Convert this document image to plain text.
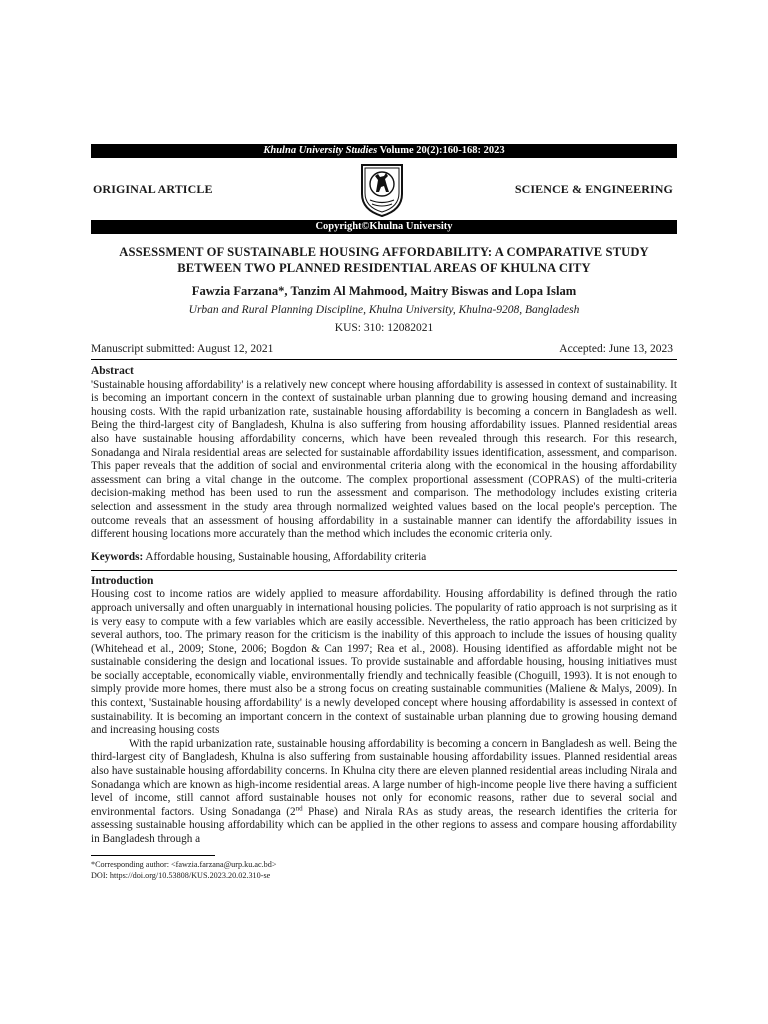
Khulna University Studies Volume 20(2):160-168: 2023
ORIGINAL ARTICLE	SCIENCE & ENGINEERING
Copyright©Khulna University
ASSESSMENT OF SUSTAINABLE HOUSING AFFORDABILITY: A COMPARATIVE STUDY BETWEEN TWO PLANNED RESIDENTIAL AREAS OF KHULNA CITY
Fawzia Farzana*, Tanzim Al Mahmood, Maitry Biswas and Lopa Islam
Urban and Rural Planning Discipline, Khulna University, Khulna-9208, Bangladesh
KUS: 310: 12082021
Manuscript submitted: August 12, 2021	Accepted: June 13, 2023
Abstract

'Sustainable housing affordability' is a relatively new concept where housing affordability is assessed in context of sustainability. It is becoming an important concern in the context of sustainable urban planning due to growing housing demand and increasing housing costs. With the rapid urbanization rate, sustainable housing affordability is becoming a concern in Bangladesh as well. Being the third-largest city of Bangladesh, Khulna is also suffering from housing affordability issues. Planned residential areas also have sustainable housing affordability concerns, which have been revealed through this research. For this research, Sonadanga and Nirala residential areas are selected for sustainable affordability issues identification, assessment, and comparison. This paper reveals that the addition of social and environmental criteria along with the economical in the housing affordability assessment can bring a vital change in the outcome. The complex proportional assessment (COPRAS) of the multi-criteria decision-making method has been used to run the assessment and comparison. The methodology includes existing criteria selection and assessment in the study area through normalized weighted values based on the local people's perception. The outcome reveals that an assessment of housing affordability in a sustainable manner can identify the affordability issues in different housing locations more accurately than the method which includes the economic criteria only.

Keywords: Affordable housing, Sustainable housing, Affordability criteria
Introduction

Housing cost to income ratios are widely applied to measure affordability. Housing affordability is defined through the ratio approach universally and often unarguably in international housing policies. The popularity of ratio approach is not surprising as it is very easy to compute with a few variables which are easily accessible. Nevertheless, the ratio approach has been criticized by several authors, too. The primary reason for the criticism is the inability of this approach to include the issues of housing quality (Whitehead et al., 2009; Stone, 2006; Bogdon & Can 1997; Rea et al., 2008). Housing identified as affordable might not be sustainable considering the design and locational issues. To provide sustainable and affordable housing, housing initiatives must be socially acceptable, economically viable, environmentally friendly and technically feasible (Choguill, 1993). It is not enough to simply provide more homes, there must also be a strong focus on creating sustainable communities (Maliene & Malys, 2009). In this context, 'Sustainable housing affordability' is a newly developed concept where housing affordability is assessed in context of sustainability. It is becoming an important concern in the context of sustainable urban planning due to growing housing demand and increasing housing costs

With the rapid urbanization rate, sustainable housing affordability is becoming a concern in Bangladesh as well. Being the third-largest city of Bangladesh, Khulna is also suffering from sustainable housing affordability issues. Planned residential areas also have sustainable housing affordability concerns. In Khulna city there are eleven planned residential areas including Nirala and Sonadanga which are known as high-income residential areas. A large number of high-income people live there having a sufficient level of income, still cannot afford sustainable houses not only for economic reasons, rather due to several social and environmental factors. Using Sonadanga (2nd Phase) and Nirala RAs as study areas, the research identifies the criteria for assessing sustainable housing affordability which can be applied in the other regions to assess and compare housing affordability in Bangladesh through a

*Corresponding author: <fawzia.farzana@urp.ku.ac.bd>
DOI: https://doi.org/10.53808/KUS.2023.20.02.310-se
